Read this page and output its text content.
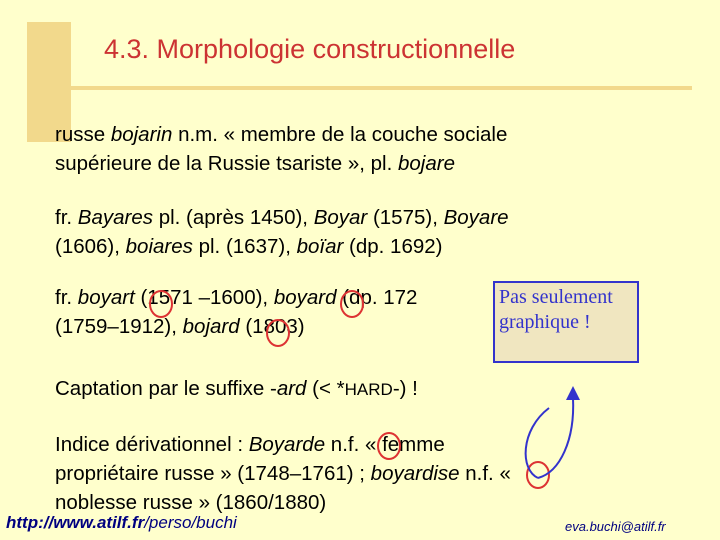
4.3. Morphologie constructionnelle
russe bojarin n.m. « membre de la couche sociale
supérieure de la Russie tsariste », pl. bojare
fr. Bayares pl. (après 1450), Boyar (1575), Boyare
(1606), boiares pl. (1637), boïar (dp. 1692)
fr. boyart (1571 –1600), boyard (dp. 172
(1759–1912), bojard (1803)
Pas seulement
graphique !
Captation par le suffixe -ard (< *HARD-) !
Indice dérivationnel : Boyarde n.f. « femme
propriétaire russe » (1748–1761) ; boyardise n.f. «
noblesse russe » (1860/1880)
http://www.atilf.fr/perso/buchi	eva.buchi@atilf.fr
